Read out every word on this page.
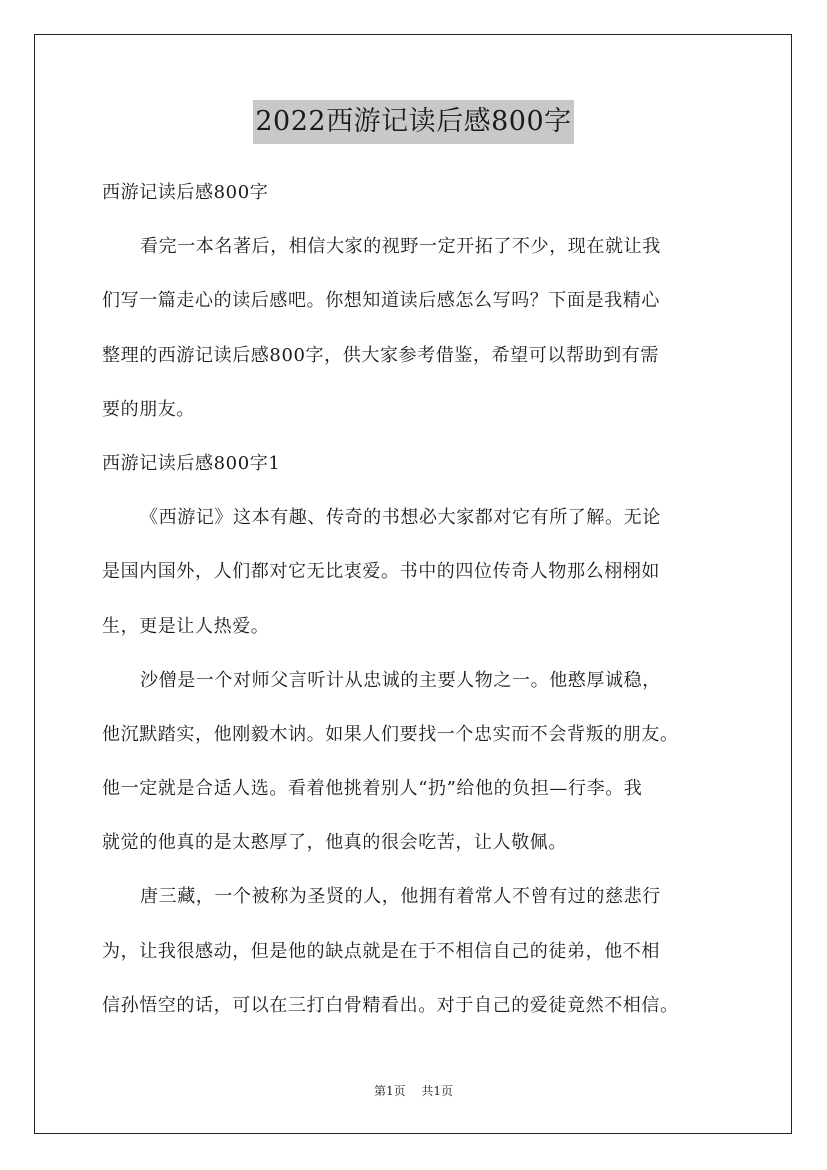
2022西游记读后感800字
西游记读后感800字
看完一本名著后，相信大家的视野一定开拓了不少，现在就让我
们写一篇走心的读后感吧。你想知道读后感怎么写吗？下面是我精心
整理的西游记读后感800字，供大家参考借鉴，希望可以帮助到有需
要的朋友。
西游记读后感800字1
《西游记》这本有趣、传奇的书想必大家都对它有所了解。无论
是国内国外，人们都对它无比衷爱。书中的四位传奇人物那么栩栩如
生，更是让人热爱。
沙僧是一个对师父言听计从忠诚的主要人物之一。他憨厚诚稳，
他沉默踏实，他刚毅木讷。如果人们要找一个忠实而不会背叛的朋友。
他一定就是合适人选。看着他挑着别人“扔”给他的负担—行李。我
就觉的他真的是太憨厚了，他真的很会吃苦，让人敬佩。
唐三藏，一个被称为圣贤的人，他拥有着常人不曾有过的慈悲行
为，让我很感动，但是他的缺点就是在于不相信自己的徒弟，他不相
信孙悟空的话，可以在三打白骨精看出。对于自己的爱徒竟然不相信。
第1页 共1页
